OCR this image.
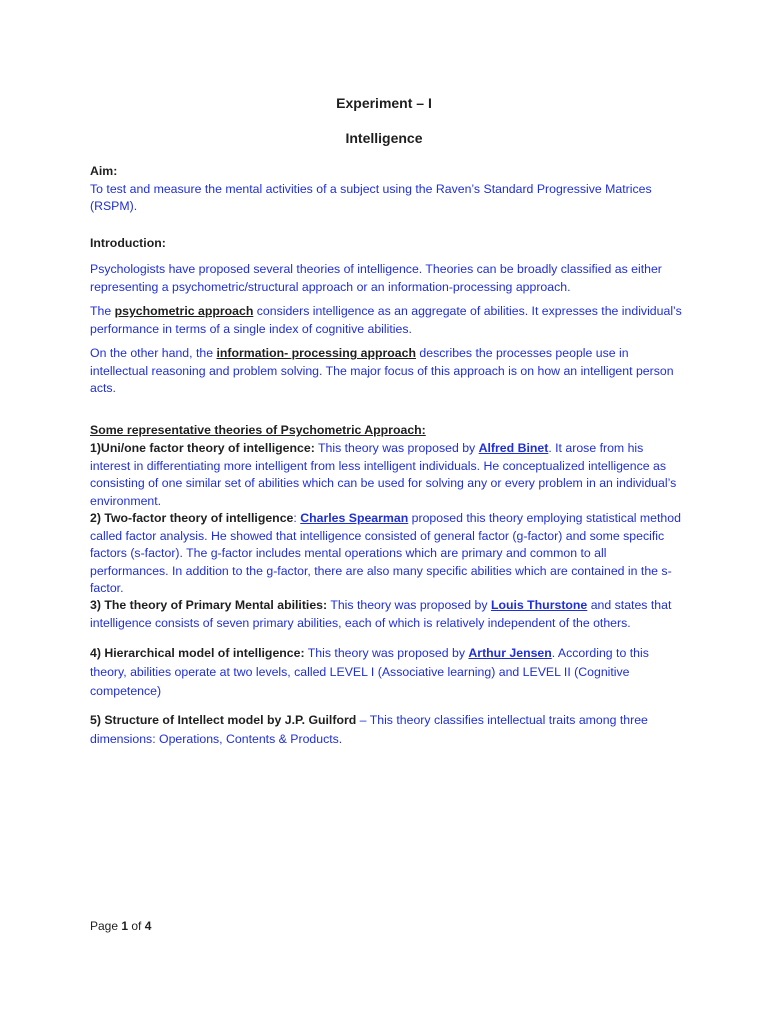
Experiment – I
Intelligence
Aim:
To test and measure the mental activities of a subject using the Raven’s Standard Progressive Matrices (RSPM).
Introduction:

Psychologists have proposed several theories of intelligence. Theories can be broadly classified as either representing a psychometric/structural approach or an information-processing approach.

The psychometric approach considers intelligence as an aggregate of abilities. It expresses the individual’s performance in terms of a single index of cognitive abilities.

On the other hand, the information- processing approach describes the processes people use in intellectual reasoning and problem solving. The major focus of this approach is on how an intelligent person acts.

Some representative theories of Psychometric Approach:
1)Uni/one factor theory of intelligence: This theory was proposed by Alfred Binet. It arose from his interest in differentiating more intelligent from less intelligent individuals. He conceptualized intelligence as consisting of one similar set of abilities which can be used for solving any or every problem in an individual’s environment.
2) Two-factor theory of intelligence: Charles Spearman proposed this theory employing statistical method called factor analysis. He showed that intelligence consisted of general factor (g-factor) and some specific factors (s-factor). The g-factor includes mental operations which are primary and common to all performances. In addition to the g-factor, there are also many specific abilities which are contained in the s-factor.
3) The theory of Primary Mental abilities: This theory was proposed by Louis Thurstone and states that intelligence consists of seven primary abilities, each of which is relatively independent of the others.
4) Hierarchical model of intelligence: This theory was proposed by Arthur Jensen. According to this theory, abilities operate at two levels, called LEVEL I (Associative learning) and LEVEL II (Cognitive competence)
5) Structure of Intellect model by J.P. Guilford – This theory classifies intellectual traits among three dimensions: Operations, Contents & Products.
Page 1 of 4
